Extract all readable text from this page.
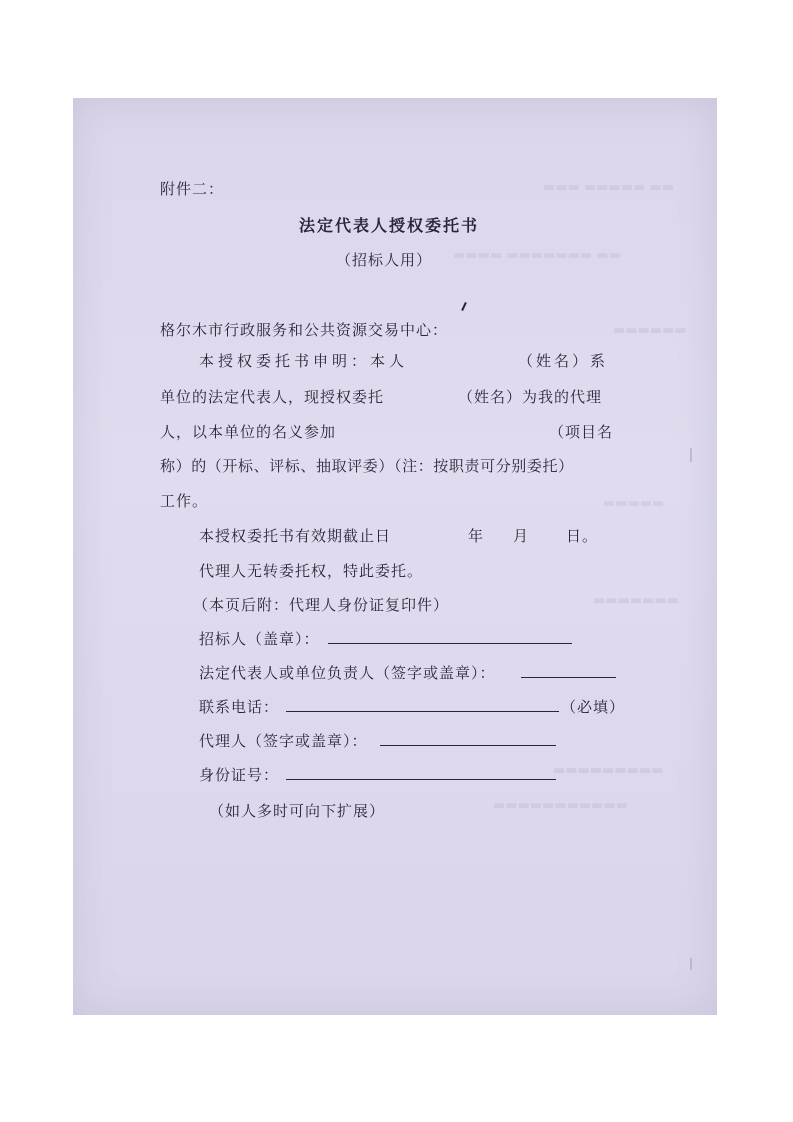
▬▬▬ ▬▬▬▬▬ ▬▬
▬▬▬▬ ▬▬▬▬▬▬▬ ▬▬
▬▬▬▬▬▬
▬▬▬▬▬
▬▬▬▬▬▬▬
▬▬▬▬▬▬▬▬▬
▬▬▬▬▬▬▬▬▬▬▬
附件二：
法定代表人授权委托书
（招标人用）
格尔木市行政服务和公共资源交易中心：
本授权委托书申明：本人	（姓名）系
单位的法定代表人，现授权委托	（姓名）为我的代理
人，以本单位的名义参加	（项目名
称）的（开标、评标、抽取评委）（注：按职责可分别委托）
工作。
本授权委托书有效期截止日	年 月 日。
代理人无转委托权，特此委托。
（本页后附：代理人身份证复印件）
招标人（盖章）：
法定代表人或单位负责人（签字或盖章）：
联系电话：	（必填）
代理人（签字或盖章）：
身份证号：
（如人多时可向下扩展）
